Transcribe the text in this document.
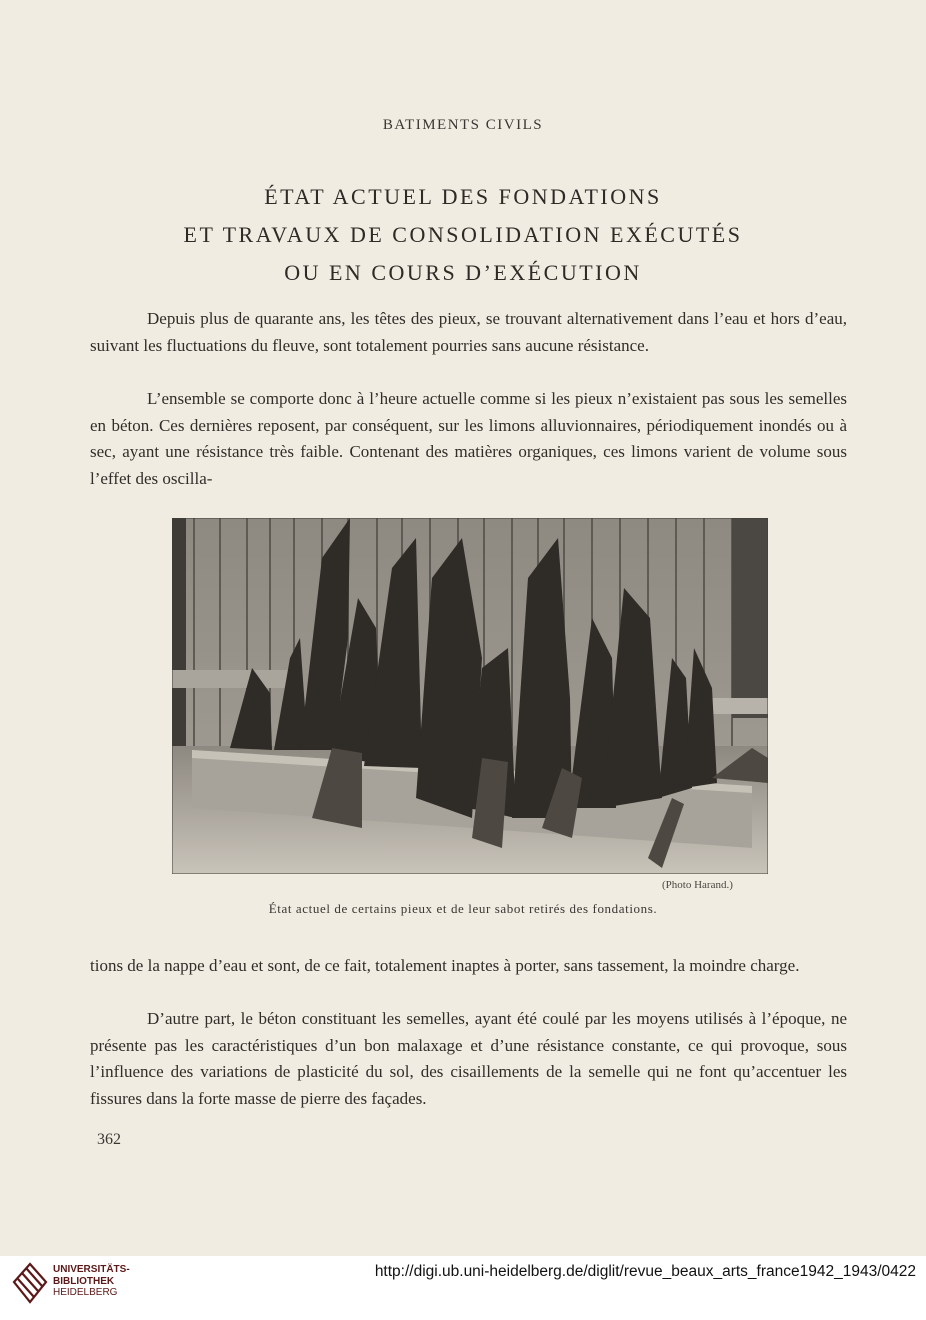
BATIMENTS CIVILS
ÉTAT ACTUEL DES FONDATIONS
ET TRAVAUX DE CONSOLIDATION EXÉCUTÉS
OU EN COURS D’EXÉCUTION

Depuis plus de quarante ans, les têtes des pieux, se trouvant alternativement dans l’eau et hors d’eau, suivant les fluctuations du fleuve, sont totalement pourries sans aucune résistance.

L’ensemble se comporte donc à l’heure actuelle comme si les pieux n’existaient pas sous les semelles en béton. Ces dernières reposent, par conséquent, sur les limons alluvionnaires, périodiquement inondés ou à sec, ayant une résistance très faible. Contenant des matières organiques, ces limons varient de volume sous l’effet des oscilla-

(Photo Harand.)
État actuel de certains pieux et de leur sabot retirés des fondations.

tions de la nappe d’eau et sont, de ce fait, totalement inaptes à porter, sans tassement, la moindre charge.

D’autre part, le béton constituant les semelles, ayant été coulé par les moyens utilisés à l’époque, ne présente pas les caractéristiques d’un bon malaxage et d’une résistance constante, ce qui provoque, sous l’influence des variations de plasticité du sol, des cisaillements de la semelle qui ne font qu’accentuer les fissures dans la forte masse de pierre des façades.

362
UNIVERSITÄTS-
BIBLIOTHEK
HEIDELBERG
http://digi.ub.uni-heidelberg.de/diglit/revue_beaux_arts_france1942_1943/0422
